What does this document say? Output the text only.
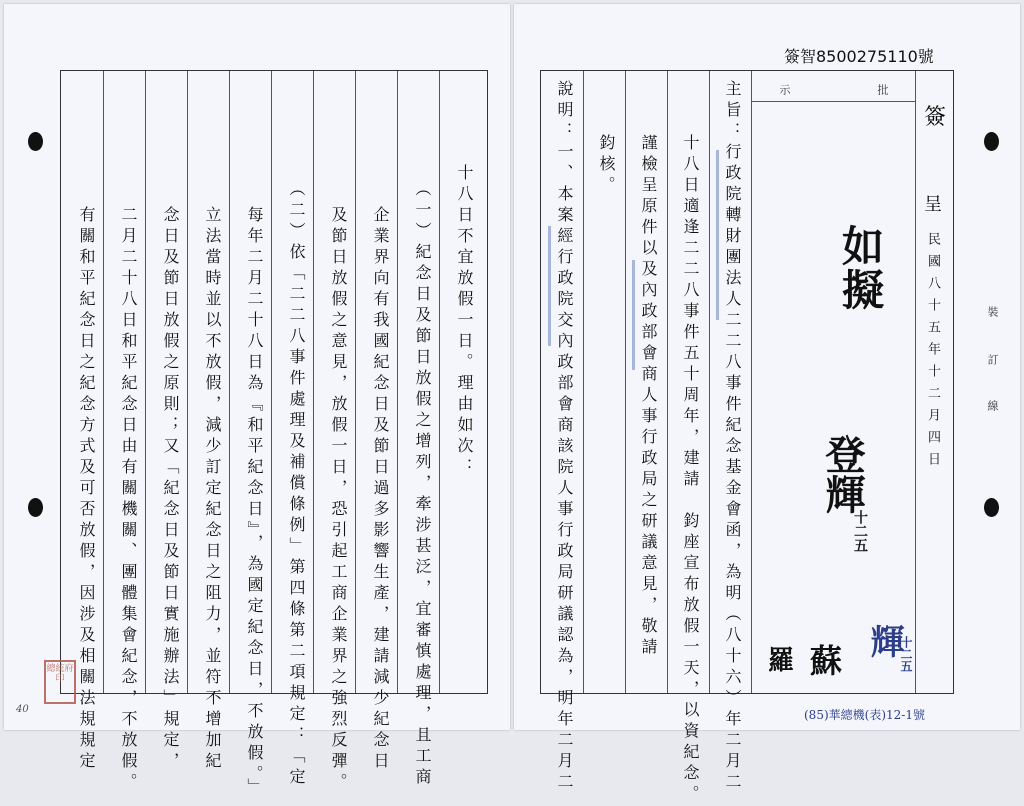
十八日不宜放假一日。理由如次：
（一）紀念日及節日放假之增列，牽涉甚泛，宜審慎處理，且工商
企業界向有我國紀念日及節日過多影響生產，建請減少紀念日
及節日放假之意見，放假一日，恐引起工商企業界之強烈反彈。
（二）依「二二八事件處理及補償條例」第四條第二項規定：「定
每年二月二十八日為『和平紀念日』，為國定紀念日，不放假。」
立法當時並以不放假，減少訂定紀念日之阻力，並符不增加紀
念日及節日放假之原則；又「紀念日及節日實施辦法」規定，
二月二十八日和平紀念日由有關機關、團體集會紀念，不放假。
有關和平紀念日之紀念方式及可否放假，因涉及相關法規規定
總統府印
40
簽智8500275110號
示	批
簽
呈
民國八十五年十二月四日	裝
訂
線
主旨：行政院轉財團法人二二八事件紀念基金會函，為明（八十六）年二月二
十八日適逢二二八事件五十周年，建請　鈞座宣布放假一天，以資紀念。
謹檢呈原件以及內政部會商人事行政局之研議意見，敬請
鈞核。
說明：一、本案經行政院交內政部會商該院人事行政局研議認為，明年二月二	如擬
登輝
十二五
羅 蘇
輝
十二五
(85)華總機(表)12-1號
